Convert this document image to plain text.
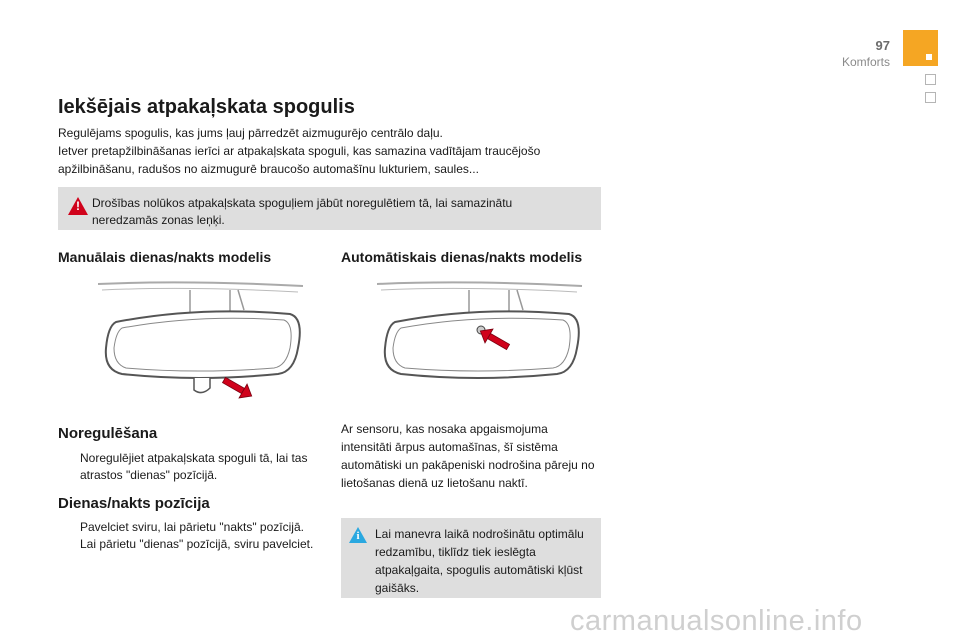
97
Komforts
Iekšējais atpakaļskata spogulis

Regulējams spogulis, kas jums ļauj pārredzēt aizmugurējo centrālo daļu.

Ietver pretapžilbināšanas ierīci ar atpakaļskata spoguli, kas samazina vadītājam traucējošo apžilbināšanu, radušos no aizmugurē braucošo automašīnu lukturiem, saules...

!	Drošības nolūkos atpakaļskata spoguļiem jābūt noregulētiem tā, lai samazinātu neredzamās zonas leņķi.
Manuālais dienas/nakts modelis	Automātiskais dienas/nakts modelis
Noregulēšana
Noregulējiet atpakaļskata spoguli tā, lai tas atrastos "dienas" pozīcijā.
Dienas/nakts pozīcija
Pavelciet sviru, lai pārietu "nakts" pozīcijā.
Lai pārietu "dienas" pozīcijā, sviru pavelciet.
Ar sensoru, kas nosaka apgaismojuma intensitāti ārpus automašīnas, šī sistēma automātiski un pakāpeniski nodrošina pāreju no lietošanas dienā uz lietošanu naktī.
i	Lai manevra laikā nodrošinātu optimālu redzamību, tiklīdz tiek ieslēgta atpakaļgaita, spogulis automātiski kļūst gaišāks.
carmanualsonline.info
